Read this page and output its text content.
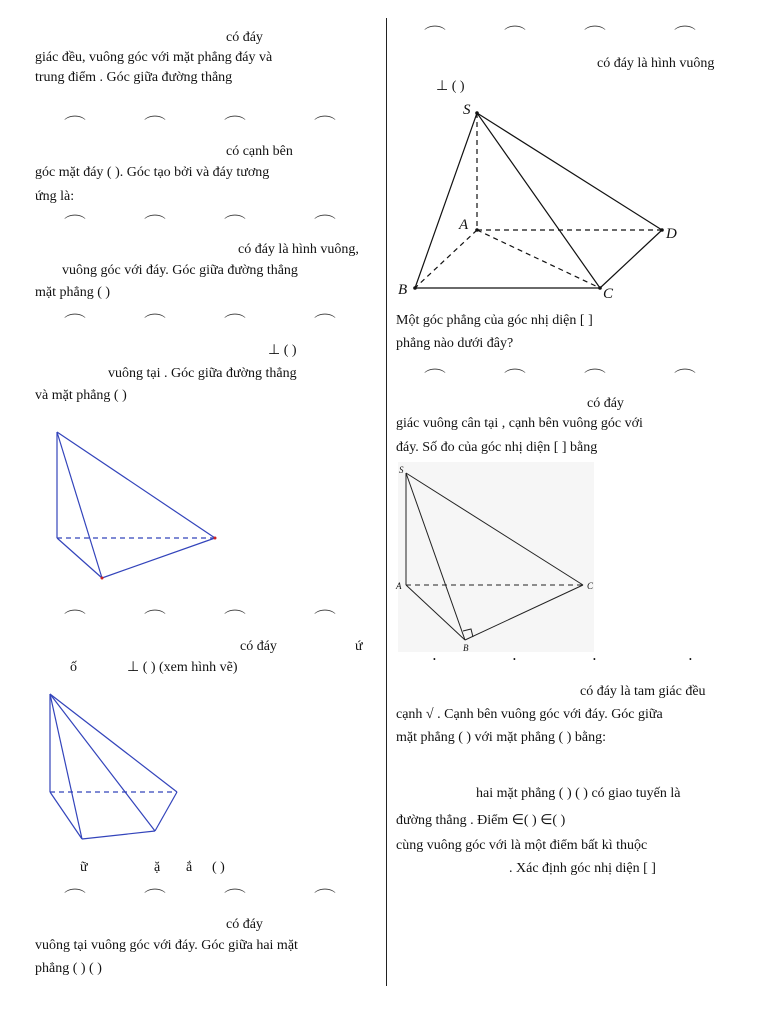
có đáy
giác đều, vuông góc với mặt phẳng đáy và
trung điểm . Góc giữa đường thẳng
︵	︵	︵	︵
có cạnh bên
góc mặt đáy ( ). Góc tạo bởi và đáy tương
ứng là:
︵	︵	︵	︵
có đáy là hình vuông,
vuông góc với đáy. Góc giữa đường thẳng
mặt phẳng ( )
︵	︵	︵	︵
⊥ ( )
vuông tại . Góc giữa đường thẳng
và mặt phẳng ( )
︵	︵	︵	︵
có đáy	ứ
ố	⊥ ( ) (xem hình vẽ)
ữ	ặ ắ ( )
︵	︵	︵	︵
có đáy
vuông tại vuông góc với đáy. Góc giữa hai mặt
phẳng ( ) ( )
︵	︵	︵	︵
có đáy là hình vuông
⊥ ( )
S
A
B	C
D
Một góc phẳng của góc nhị diện [ ]
phẳng nào dưới đây?
︵	︵	︵	︵
có đáy
giác vuông cân tại , cạnh bên vuông góc với
đáy. Số đo của góc nhị diện [ ] bằng
S
A
B
C
•	•	•	•
có đáy là tam giác đều
cạnh √ . Cạnh bên vuông góc với đáy. Góc giữa
mặt phẳng ( ) với mặt phẳng ( ) bằng:
hai mặt phẳng ( ) ( ) có giao tuyến là
đường thẳng . Điểm ∈( ) ∈( )
cùng vuông góc với là một điểm bất kì thuộc
. Xác định góc nhị diện [ ]
